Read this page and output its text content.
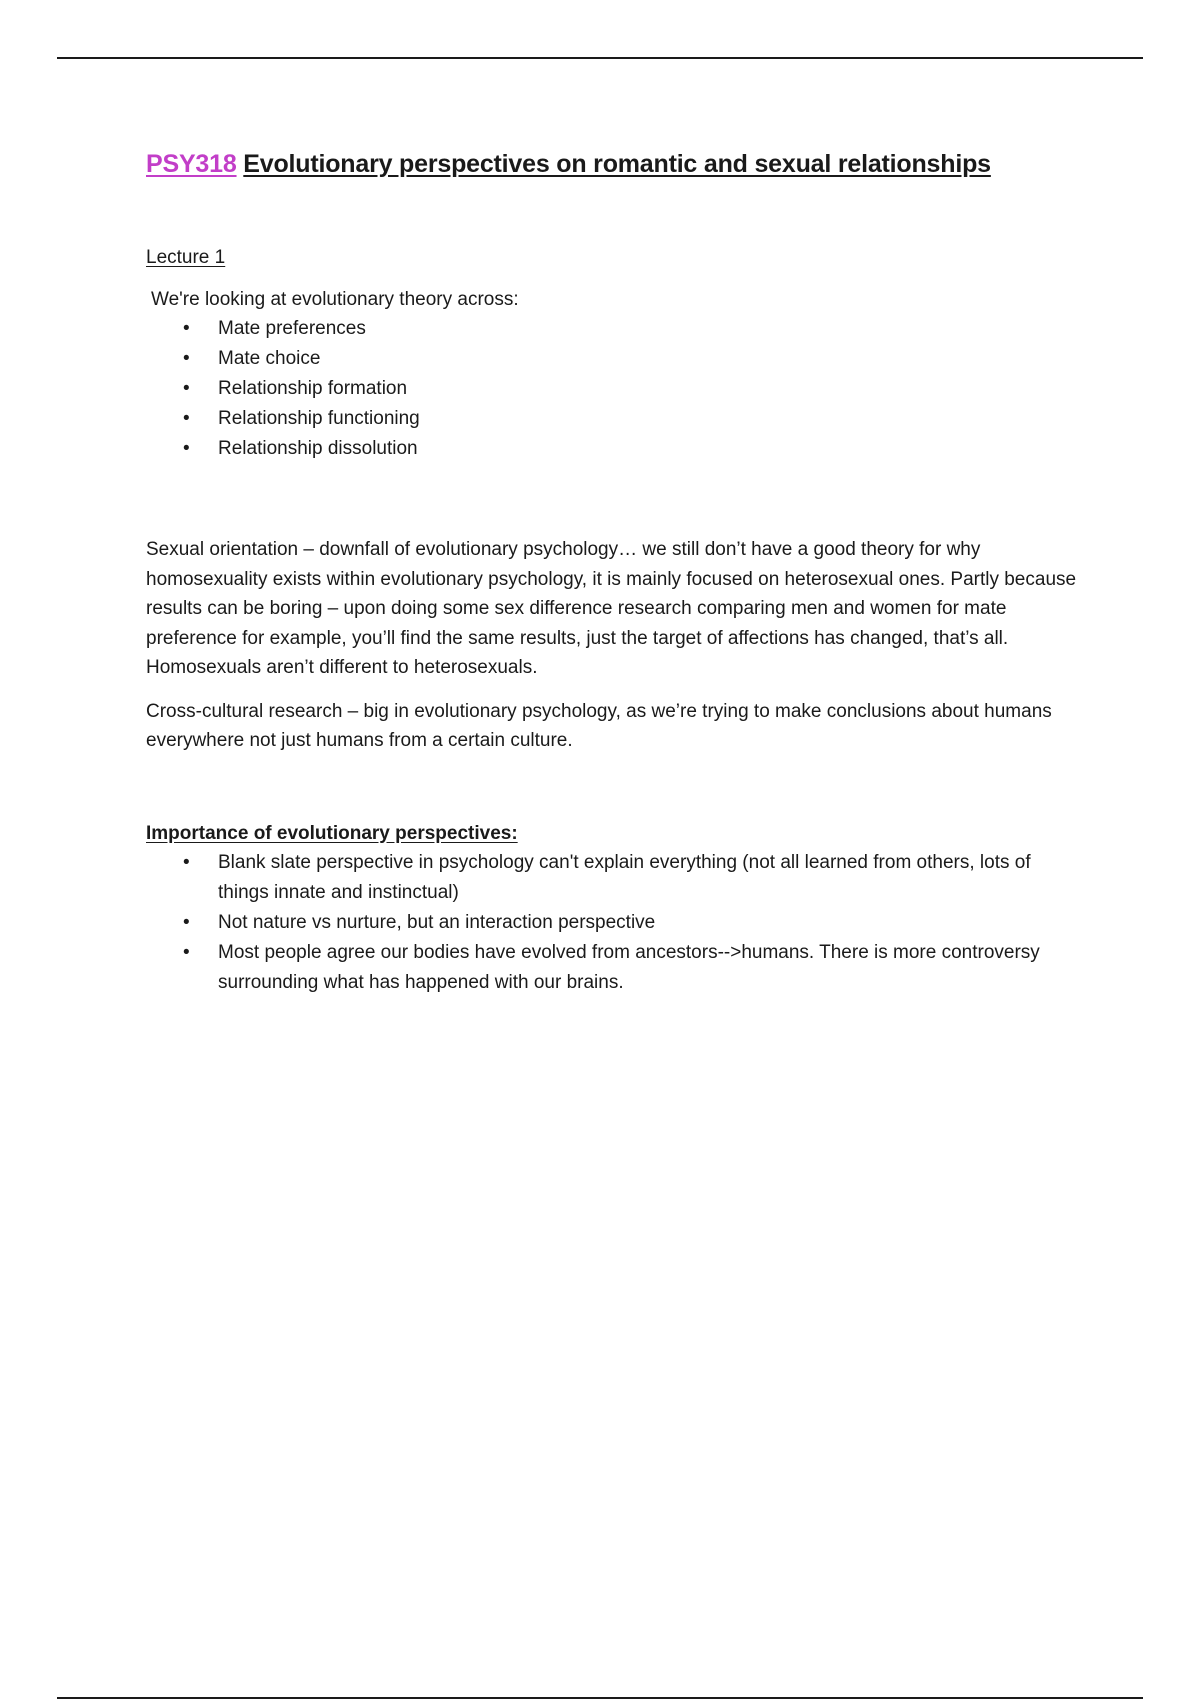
PSY318 Evolutionary perspectives on romantic and sexual relationships

Lecture 1

We're looking at evolutionary theory across:

• Mate preferences
• Mate choice
• Relationship formation
• Relationship functioning
• Relationship dissolution

Sexual orientation – downfall of evolutionary psychology… we still don’t have a good theory for why homosexuality exists within evolutionary psychology, it is mainly focused on heterosexual ones. Partly because results can be boring – upon doing some sex difference research comparing men and women for mate preference for example, you’ll find the same results, just the target of affections has changed, that’s all. Homosexuals aren’t different to heterosexuals.

Cross-cultural research – big in evolutionary psychology, as we’re trying to make conclusions about humans everywhere not just humans from a certain culture.

Importance of evolutionary perspectives:

• Blank slate perspective in psychology can't explain everything (not all learned from others, lots of things innate and instinctual)
• Not nature vs nurture, but an interaction perspective
• Most people agree our bodies have evolved from ancestors-->humans. There is more controversy surrounding what has happened with our brains.
